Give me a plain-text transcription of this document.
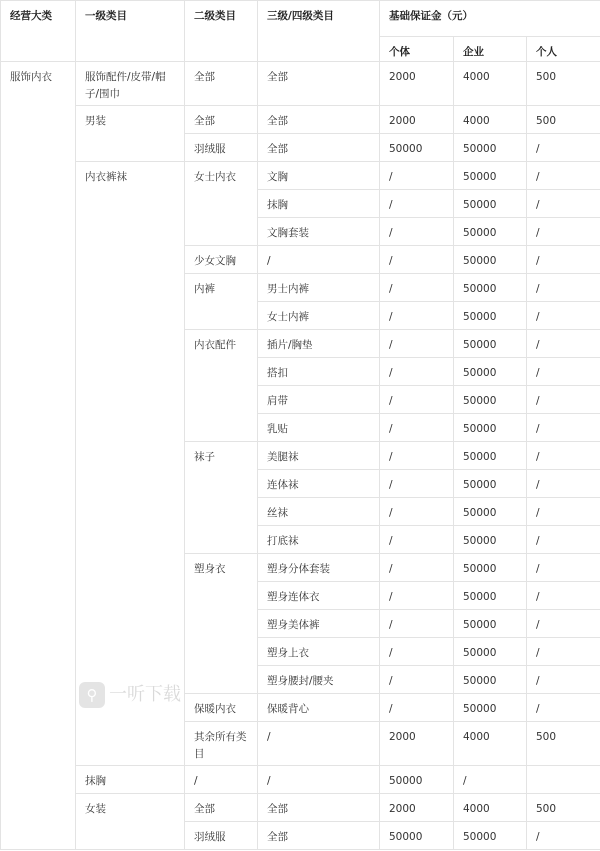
经营大类	一级类目	二级类目	三级/四级类目	基础保证金（元）		
				个体	企业	个人
服饰内衣	服饰配件/皮带/帽子/围巾	全部	全部	2000	4000	500
	男装	全部	全部	2000	4000	500
		羽绒服	全部	50000	50000	/
	内衣裤袜	女士内衣	文胸	/	50000	/
			抹胸	/	50000	/
			文胸套装	/	50000	/
		少女文胸	/	/	50000	/
		内裤	男士内裤	/	50000	/
			女士内裤	/	50000	/
		内衣配件	插片/胸垫	/	50000	/
			搭扣	/	50000	/
			肩带	/	50000	/
			乳贴	/	50000	/
		袜子	美腿袜	/	50000	/
			连体袜	/	50000	/
			丝袜	/	50000	/
			打底袜	/	50000	/
		塑身衣	塑身分体套装	/	50000	/
			塑身连体衣	/	50000	/
			塑身美体裤	/	50000	/
			塑身上衣	/	50000	/
			塑身腰封/腰夹	/	50000	/
		保暖内衣	保暖背心	/	50000	/
		其余所有类目	/	2000	4000	500
	抹胸	/	/	50000	/	
	女装	全部	全部	2000	4000	500
		羽绒服	全部	50000	50000	/
⚲ 一听下载
